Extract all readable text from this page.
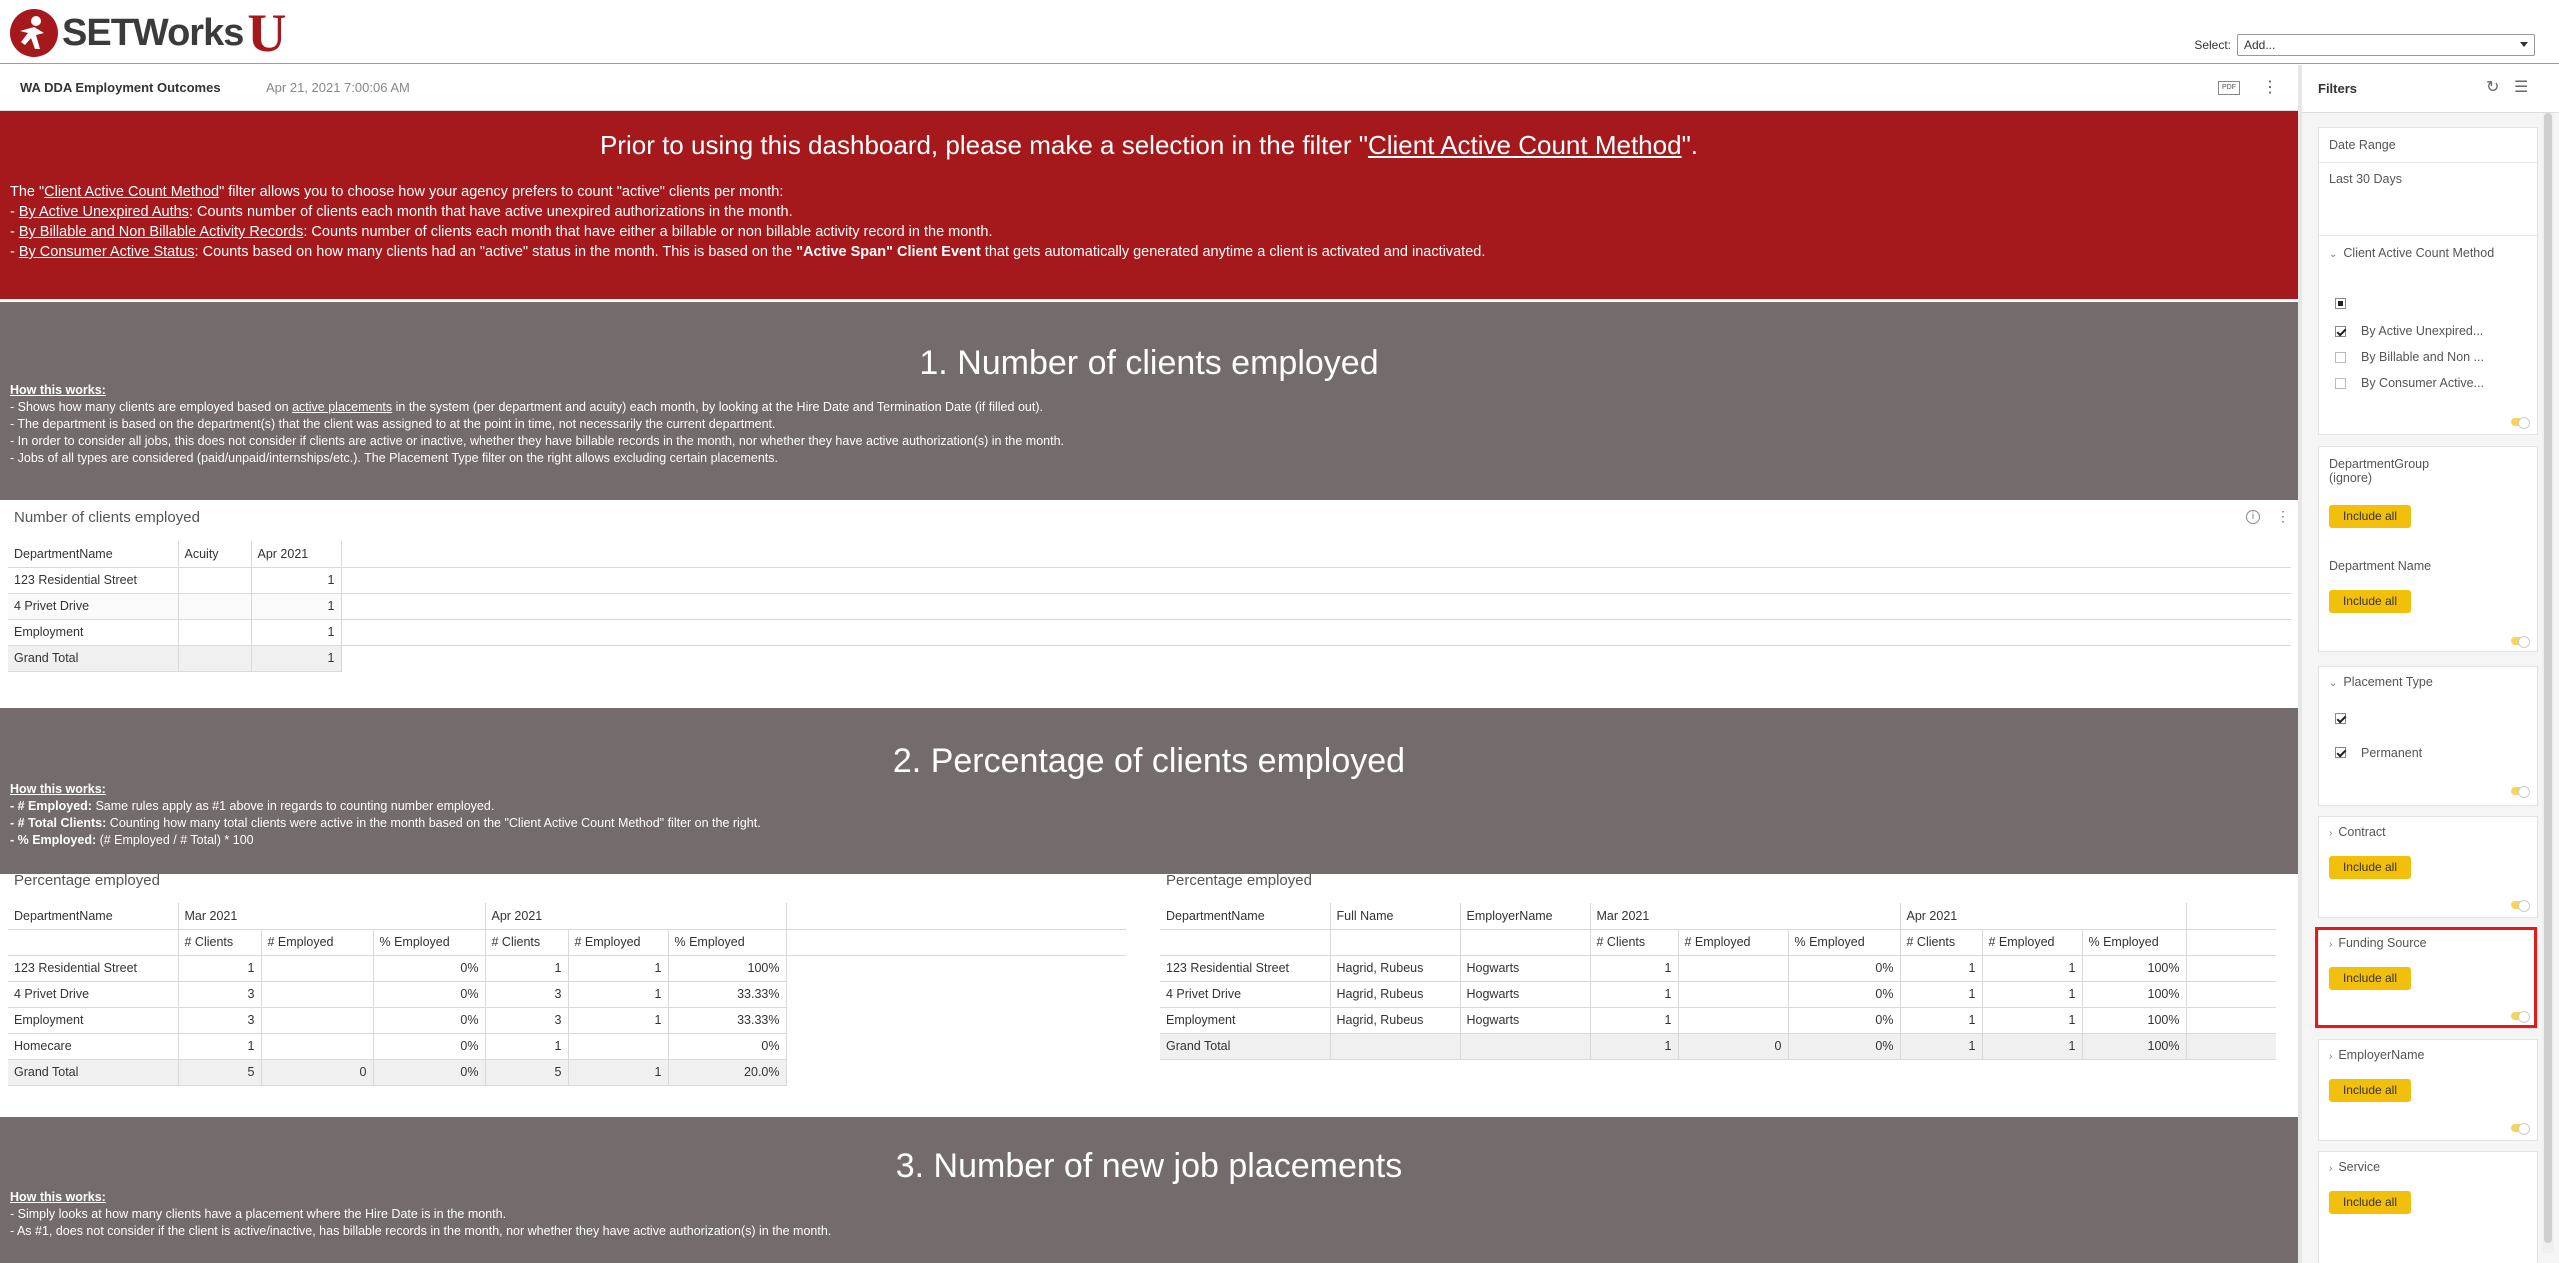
SETWorks U	Select:	Add...
WA DDA Employment Outcomes	Apr 21, 2021 7:00:06 AM	PDF ⋮
Prior to using this dashboard, please make a selection in the filter "Client Active Count Method".
The "Client Active Count Method" filter allows you to choose how your agency prefers to count "active" clients per month:
- By Active Unexpired Auths: Counts number of clients each month that have active unexpired authorizations in the month.
- By Billable and Non Billable Activity Records: Counts number of clients each month that have either a billable or non billable activity record in the month.
- By Consumer Active Status: Counts based on how many clients had an "active" status in the month. This is based on the "Active Span" Client Event that gets automatically generated anytime a client is activated and inactivated.
1. Number of clients employed
How this works:
- Shows how many clients are employed based on active placements in the system (per department and acuity) each month, by looking at the Hire Date and Termination Date (if filled out).
- The department is based on the department(s) that the client was assigned to at the point in time, not necessarily the current department.
- In order to consider all jobs, this does not consider if clients are active or inactive, whether they have billable records in the month, nor whether they have active authorization(s) in the month.
- Jobs of all types are considered (paid/unpaid/internships/etc.). The Placement Type filter on the right allows excluding certain placements.
Number of clients employed	i	⋮
DepartmentName	Acuity	Apr 2021	
123 Residential Street		1	
4 Privet Drive		1	
Employment		1	
Grand Total		1	
2. Percentage of clients employed
How this works:
- # Employed: Same rules apply as #1 above in regards to counting number employed.
- # Total Clients: Counting how many total clients were active in the month based on the "Client Active Count Method" filter on the right.
- % Employed: (# Employed / # Total) * 100
Percentage employed
DepartmentName	Mar 2021			Apr 2021			
	# Clients	# Employed	% Employed	# Clients	# Employed	% Employed	
123 Residential Street	1		0%	1	1	100%	
4 Privet Drive	3		0%	3	1	33.33%	
Employment	3		0%	3	1	33.33%	
Homecare	1		0%	1		0%	
Grand Total	5	0	0%	5	1	20.0%	
Percentage employed
DepartmentName	Full Name	EmployerName	Mar 2021			Apr 2021			
			# Clients	# Employed	% Employed	# Clients	# Employed	% Employed	
123 Residential Street	Hagrid, Rubeus	Hogwarts	1		0%	1	1	100%	
4 Privet Drive	Hagrid, Rubeus	Hogwarts	1		0%	1	1	100%	
Employment	Hagrid, Rubeus	Hogwarts	1		0%	1	1	100%	
Grand Total			1	0	0%	1	1	100%	
3. Number of new job placements
How this works:
- Simply looks at how many clients have a placement where the Hire Date is in the month.
- As #1, does not consider if the client is active/inactive, has billable records in the month, nor whether they have active authorization(s) in the month.
Filters	↻ ☰
Date Range
Last 30 Days
⌄ Client Active Count Method
By Active Unexpired...
By Billable and Non ...
By Consumer Active...
DepartmentGroup (ignore)
Include all
Department Name
Include all
⌄ Placement Type
Permanent
› Contract
Include all
› Funding Source
Include all
› EmployerName
Include all
› Service
Include all
